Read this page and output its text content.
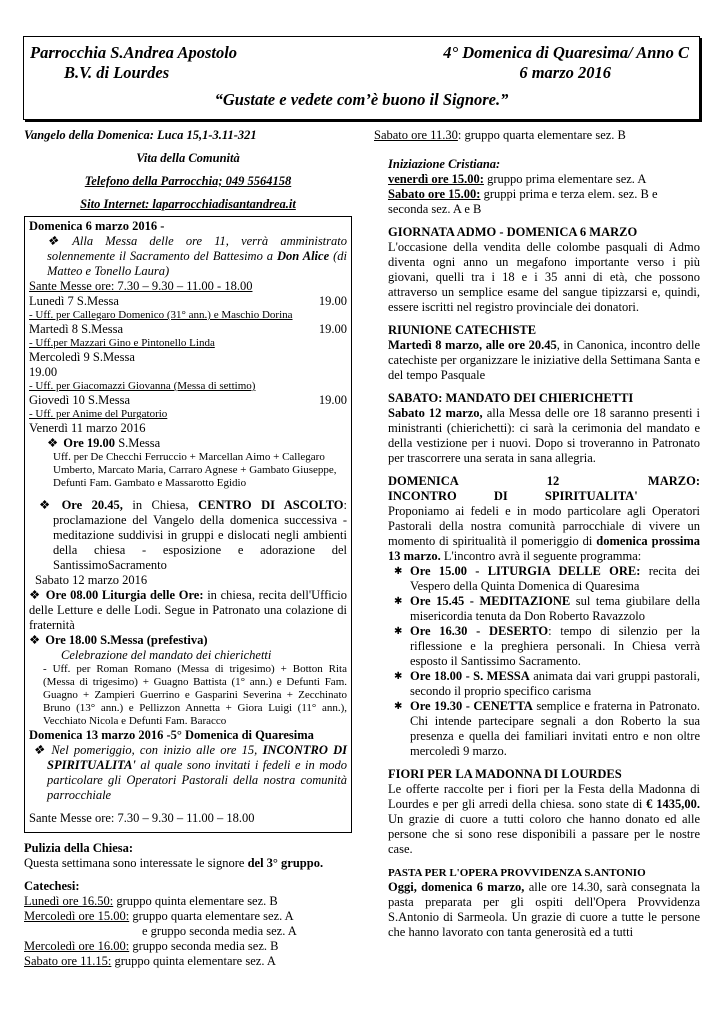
Parrocchia S.Andrea Apostolo
B.V. di Lourdes
4° Domenica di Quaresima/ Anno C
6 marzo 2016
“Gustate e vedete com’è buono il Signore.”
Vangelo della Domenica: Luca 15,1-3.11-321
Vita della Comunità
Telefono della Parrocchia; 049 5564158
Sito Internet: laparrocchiadisantandrea.it
Domenica 6 marzo 2016 -
❖ Alla Messa delle ore 11, verrà amministrato solennemente il Sacramento del Battesimo a Don Alice (di Matteo e Tonello Laura)
Sante Messe ore: 7.30 – 9.30 – 11.00 - 18.00
Lunedì 7 S.Messa	19.00
- Uff. per Callegaro Domenico (31° ann.) e Maschio Dorina
Martedì 8 S.Messa	19.00
- Uff.per Mazzari Gino e Pintonello Linda
Mercoledì 9 S.Messa
19.00
- Uff. per Giacomazzi Giovanna (Messa di settimo)
Giovedì 10 S.Messa	19.00
- Uff. per Anime del Purgatorio
Venerdì 11 marzo 2016
❖ Ore 19.00 S.Messa
Uff. per De Checchi Ferruccio + Marcellan Aimo + Callegaro Umberto, Marcato Maria, Carraro Agnese + Gambato Giuseppe, Defunti Fam. Gambato e Massarotto Egidio
❖ Ore 20.45, in Chiesa, CENTRO DI ASCOLTO: proclamazione del Vangelo della domenica successiva - meditazione suddivisi in gruppi e dislocati negli ambienti della chiesa - esposizione e adorazione del SantissimoSacramento
Sabato 12 marzo 2016
❖ Ore 08.00 Liturgia delle Ore: in chiesa, recita dell'Ufficio delle Letture e delle Lodi. Segue in Patronato una colazione di fraternità
❖ Ore 18.00 S.Messa (prefestiva)
Celebrazione del mandato dei chierichetti
- Uff. per Roman Romano (Messa di trigesimo) + Botton Rita (Messa di trigesimo) + Guagno Battista (1° ann.) e Defunti Fam. Guagno + Zampieri Guerrino e Gasparini Severina + Zecchinato Bruno (13° ann.) e Pellizzon Annetta + Giora Luigi (11° ann.), Vecchiato Nicola e Defunti Fam. Baracco
Domenica 13 marzo 2016 -5° Domenica di Quaresima
❖ Nel pomeriggio, con inizio alle ore 15, INCONTRO DI SPIRITUALITA' al quale sono invitati i fedeli e in modo particolare gli Operatori Pastorali della nostra comunità parrocchiale
Sante Messe ore: 7.30 – 9.30 – 11.00 – 18.00
Pulizia della Chiesa:
Questa settimana sono interessate le signore del 3° gruppo.
Catechesi:
Lunedì ore 16.50: gruppo quinta elementare sez. B
Mercoledì ore 15.00: gruppo quarta elementare sez. A
e gruppo seconda media sez. A
Mercoledì ore 16.00: gruppo seconda media sez. B
Sabato ore 11.15: gruppo quinta elementare sez. A
Sabato ore 11.30: gruppo quarta elementare sez. B
Iniziazione Cristiana:
venerdì ore 15.00: gruppo prima elementare sez. A
Sabato ore 15.00: gruppi prima e terza elem. sez. B e seconda sez. A e B
GIORNATA ADMO - DOMENICA 6 MARZO
L'occasione della vendita delle colombe pasquali di Admo diventa ogni anno un megafono importante verso i più giovani, quelli tra i 18 e i 35 anni di età, che possono attraverso un semplice esame del sangue tipizzarsi e, quindi, essere iscritti nel registro provinciale dei donatori.
RIUNIONE CATECHISTE
Martedì 8 marzo, alle ore 20.45, in Canonica, incontro delle catechiste per organizzare le iniziative della Settimana Santa e del tempo Pasquale
SABATO: MANDATO DEI CHIERICHETTI
Sabato 12 marzo, alla Messa delle ore 18 saranno presenti i ministranti (chierichetti): ci sarà la cerimonia del mandato e della vestizione per i nuovi. Dopo si troveranno in Patronato per trascorrere una serata in sana allegria.
DOMENICA 12 MARZO: INCONTRO DI SPIRITUALITA'
Proponiamo ai fedeli e in modo particolare agli Operatori Pastorali della nostra comunità parrocchiale di vivere un momento di spiritualità il pomeriggio di domenica prossima 13 marzo. L'incontro avrà il seguente programma:
✱ Ore 15.00 - LITURGIA DELLE ORE: recita dei Vespero della Quinta Domenica di Quaresima
✱ Ore 15.45 - MEDITAZIONE sul tema giubilare della misericordia tenuta da Don Roberto Ravazzolo
✱ Ore 16.30 - DESERTO: tempo di silenzio per la riflessione e la preghiera personali. In Chiesa verrà esposto il Santissimo Sacramento.
✱ Ore 18.00 - S. MESSA animata dai vari gruppi pastorali, secondo il proprio specifico carisma
✱ Ore 19.30 - CENETTA semplice e fraterna in Patronato. Chi intende partecipare segnali a don Roberto la sua presenza e quella dei familiari invitati entro e non oltre mercoledì 9 marzo.
FIORI PER LA MADONNA DI LOURDES
Le offerte raccolte per i fiori per la Festa della Madonna di Lourdes e per gli arredi della chiesa. sono state di € 1435,00. Un grazie di cuore a tutti coloro che hanno donato ed alle persone che si sono rese disponibili a passare per le nostre case.
PASTA PER L'OPERA PROVVIDENZA S.ANTONIO
Oggi, domenica 6 marzo, alle ore 14.30, sarà consegnata la pasta preparata per gli ospiti dell'Opera Provvidenza S.Antonio di Sarmeola. Un grazie di cuore a tutte le persone che hanno lavorato con tanta generosità ed a tutti
